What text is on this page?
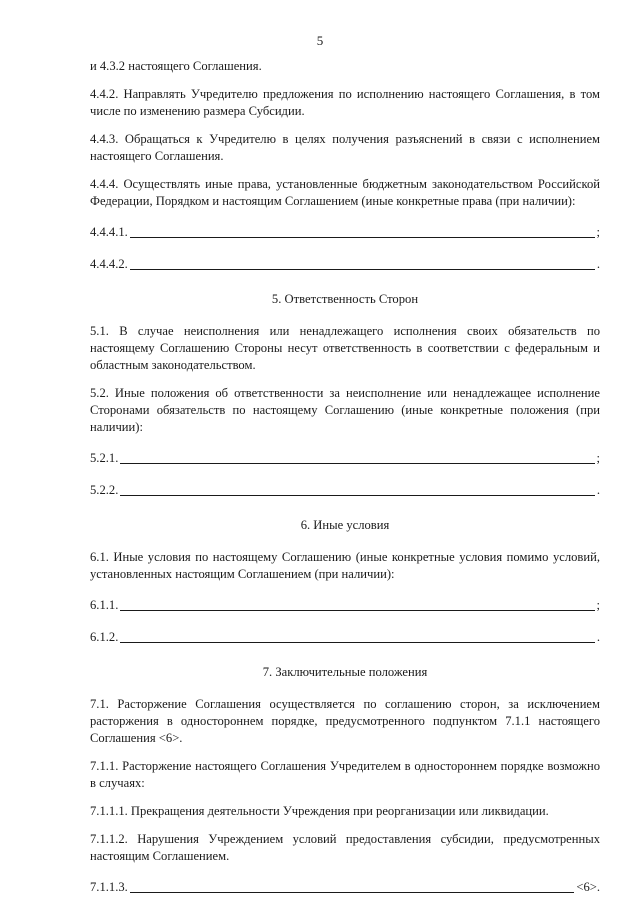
5

и 4.3.2 настоящего Соглашения.

4.4.2. Направлять Учредителю предложения по исполнению настоящего Соглашения, в том числе по изменению размера Субсидии.

4.4.3. Обращаться к Учредителю в целях получения разъяснений в связи с исполнением настоящего Соглашения.

4.4.4. Осуществлять иные права, установленные бюджетным законодательством Российской Федерации, Порядком и настоящим Соглашением (иные конкретные права (при наличии):

4.4.4.1.	;
4.4.4.2.	.

5. Ответственность Сторон

5.1. В случае неисполнения или ненадлежащего исполнения своих обязательств по настоящему Соглашению Стороны несут ответственность в соответствии с федеральным и областным законодательством.

5.2. Иные положения об ответственности за неисполнение или ненадлежащее исполнение Сторонами обязательств по настоящему Соглашению (иные конкретные положения (при наличии):

5.2.1.	;
5.2.2.	.

6. Иные условия

6.1. Иные условия по настоящему Соглашению (иные конкретные условия помимо условий, установленных настоящим Соглашением (при наличии):

6.1.1.	;
6.1.2.	.

7. Заключительные положения

7.1. Расторжение Соглашения осуществляется по соглашению сторон, за исключением расторжения в одностороннем порядке, предусмотренного подпунктом 7.1.1 настоящего Соглашения <6>.

7.1.1. Расторжение настоящего Соглашения Учредителем в одностороннем порядке возможно в случаях:

7.1.1.1. Прекращения деятельности Учреждения при реорганизации или ликвидации.

7.1.1.2. Нарушения Учреждением условий предоставления субсидии, предусмотренных настоящим Соглашением.

7.1.1.3.	<6>.
